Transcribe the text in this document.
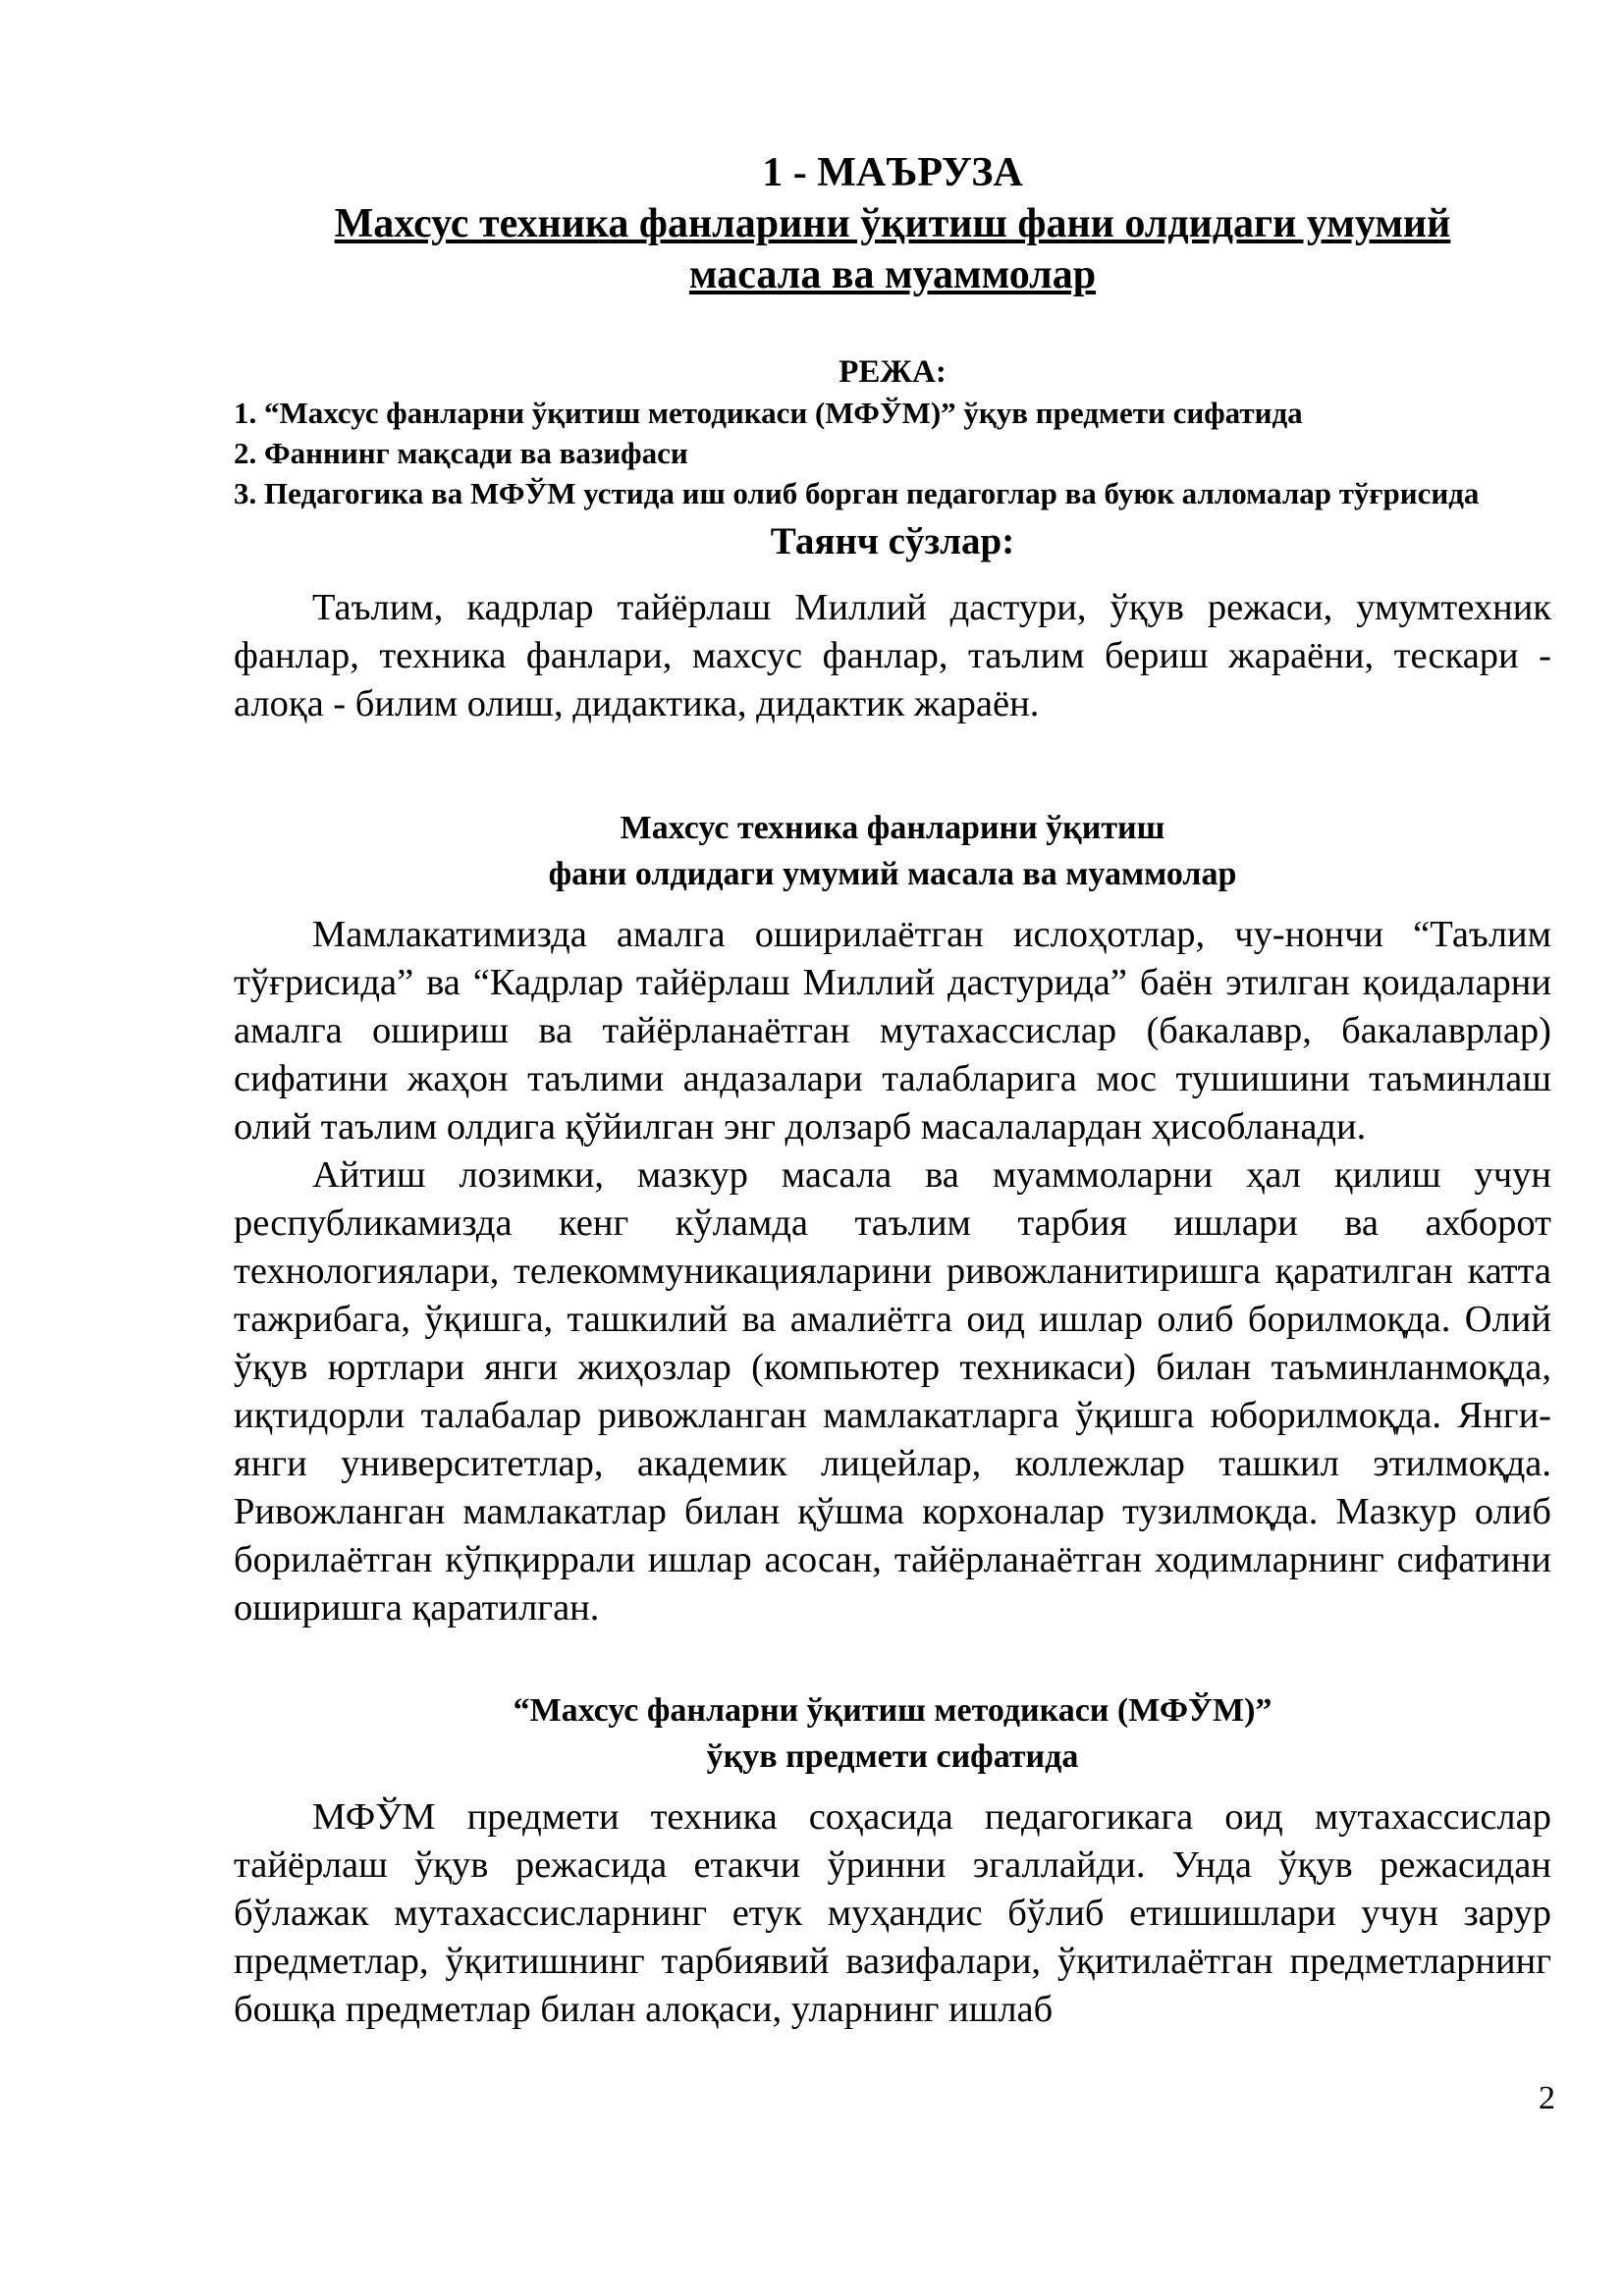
1 - МАЪРУЗА
Махсус техника фанларини ўқитиш фани олдидаги умумий масала ва муаммолар
РЕЖА:
1. “Махсус фанларни ўқитиш методикаси (МФЎМ)” ўқув предмети сифатида
2. Фаннинг мақсади ва вазифаси
3. Педагогика ва МФЎМ устида иш олиб борган педагоглар ва буюк алломалар тўғрисида
Таянч сўзлар:

Таълим, кадрлар тайёрлаш Миллий дастури, ўқув режаси, умумтехник фанлар, техника фанлари, махсус фанлар, таълим бериш жараёни, тескари - алоқа - билим олиш, дидактика, дидактик жараён.

Махсус техника фанларини ўқитиш
фани олдидаги умумий масала ва муаммолар

Мамлакатимизда амалга оширилаётган ислоҳотлар, чу-нончи “Таълим тўғрисида” ва “Кадрлар тайёрлаш Миллий дастурида” баён этилган қоидаларни амалга ошириш ва тайёрланаётган мутахассислар (бакалавр, бакалаврлар) сифатини жаҳон таълими андазалари талабларига мос тушишини таъминлаш олий таълим олдига қўйилган энг долзарб масалалардан ҳисобланади.

Айтиш лозимки, мазкур масала ва муаммоларни ҳал қилиш учун республикамизда кенг кўламда таълим тарбия ишлари ва ахборот технологиялари, телекоммуникацияларини ривожланитиришга қаратилган катта тажрибага, ўқишга, ташкилий ва амалиётга оид ишлар олиб борилмоқда. Олий ўқув юртлари янги жиҳозлар (компьютер техникаси) билан таъминланмоқда, иқтидорли талабалар ривожланган мамлакатларга ўқишга юборилмоқда. Янги-янги университетлар, академик лицейлар, коллежлар ташкил этилмоқда. Ривожланган мамлакатлар билан қўшма корхоналар тузилмоқда. Мазкур олиб борилаётган кўпқиррали ишлар асосан, тайёрланаётган ходимларнинг сифатини оширишга қаратилган.

“Махсус фанларни ўқитиш методикаси (МФЎМ)”
ўқув предмети сифатида

МФЎМ предмети техника соҳасида педагогикага оид мутахассислар тайёрлаш ўқув режасида етакчи ўринни эгаллайди. Унда ўқув режасидан бўлажак мутахассисларнинг етук муҳандис бўлиб етишишлари учун зарур предметлар, ўқитишнинг тарбиявий вазифалари, ўқитилаётган предметларнинг бошқа предметлар билан алоқаси, уларнинг ишлаб

2
